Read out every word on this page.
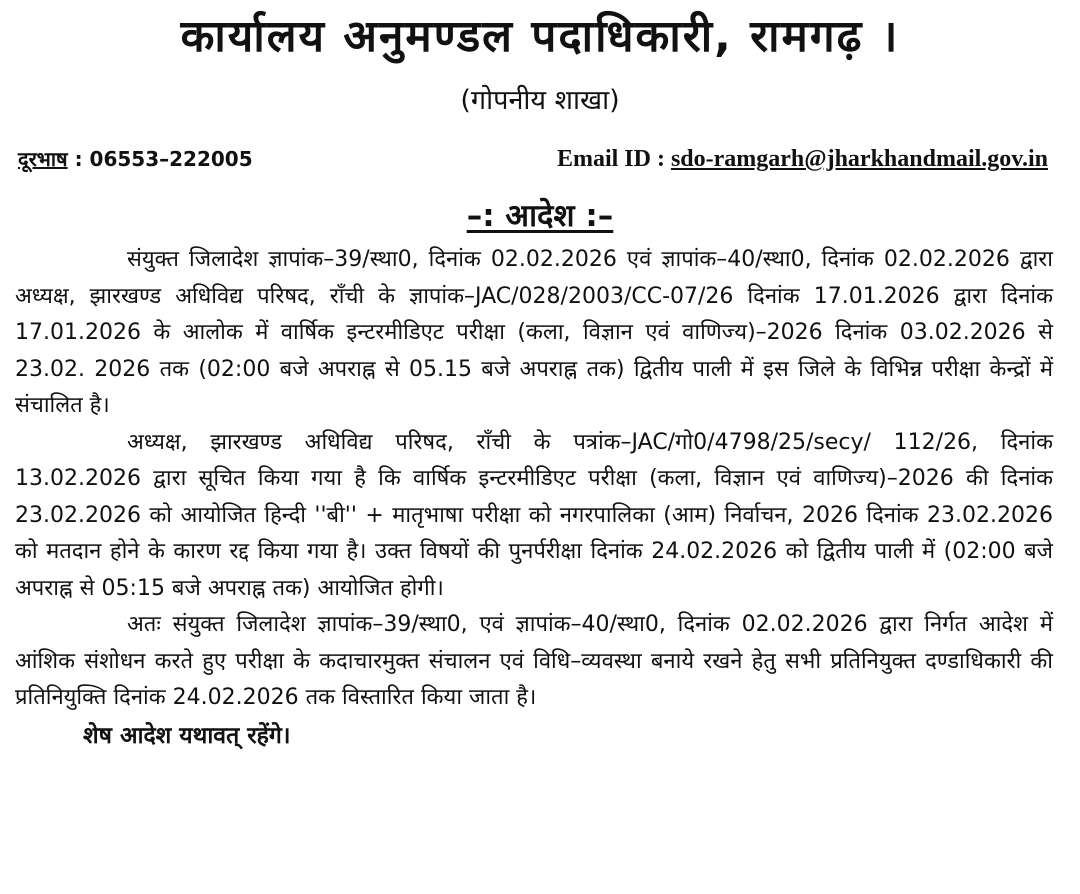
कार्यालय अनुमण्डल पदाधिकारी, रामगढ़ ।
(गोपनीय शाखा)
दूरभाष : 06553–222005	Email ID : sdo-ramgarh@jharkhandmail.gov.in
–: आदेश :–

संयुक्त जिलादेश ज्ञापांक–39/स्था0, दिनांक 02.02.2026 एवं ज्ञापांक–40/स्था0, दिनांक 02.02.2026 द्वारा अध्यक्ष, झारखण्ड अधिविद्य परिषद, राँची के ज्ञापांक–JAC/028/2003/CC-07/26 दिनांक 17.01.2026 द्वारा दिनांक 17.01.2026 के आलोक में वार्षिक इन्टरमीडिएट परीक्षा (कला, विज्ञान एवं वाणिज्य)–2026 दिनांक 03.02.2026 से 23.02. 2026 तक (02:00 बजे अपराह्न से 05.15 बजे अपराह्न तक) द्वितीय पाली में इस जिले के विभिन्न परीक्षा केन्द्रों में संचालित है।

अध्यक्ष, झारखण्ड अधिविद्य परिषद, राँची के पत्रांक–JAC/गो0/4798/25/secy/ 112/26, दिनांक 13.02.2026 द्वारा सूचित किया गया है कि वार्षिक इन्टरमीडिएट परीक्षा (कला, विज्ञान एवं वाणिज्य)–2026 की दिनांक 23.02.2026 को आयोजित हिन्दी ''बी'' + मातृभाषा परीक्षा को नगरपालिका (आम) निर्वाचन, 2026 दिनांक 23.02.2026 को मतदान होने के कारण रद्द किया गया है। उक्त विषयों की पुनर्परीक्षा दिनांक 24.02.2026 को द्वितीय पाली में (02:00 बजे अपराह्न से 05:15 बजे अपराह्न तक) आयोजित होगी।

अतः संयुक्त जिलादेश ज्ञापांक–39/स्था0, एवं ज्ञापांक–40/स्था0, दिनांक 02.02.2026 द्वारा निर्गत आदेश में आंशिक संशोधन करते हुए परीक्षा के कदाचारमुक्त संचालन एवं विधि–व्यवस्था बनाये रखने हेतु सभी प्रतिनियुक्त दण्डाधिकारी की प्रतिनियुक्ति दिनांक 24.02.2026 तक विस्तारित किया जाता है।

शेष आदेश यथावत् रहेंगे।
